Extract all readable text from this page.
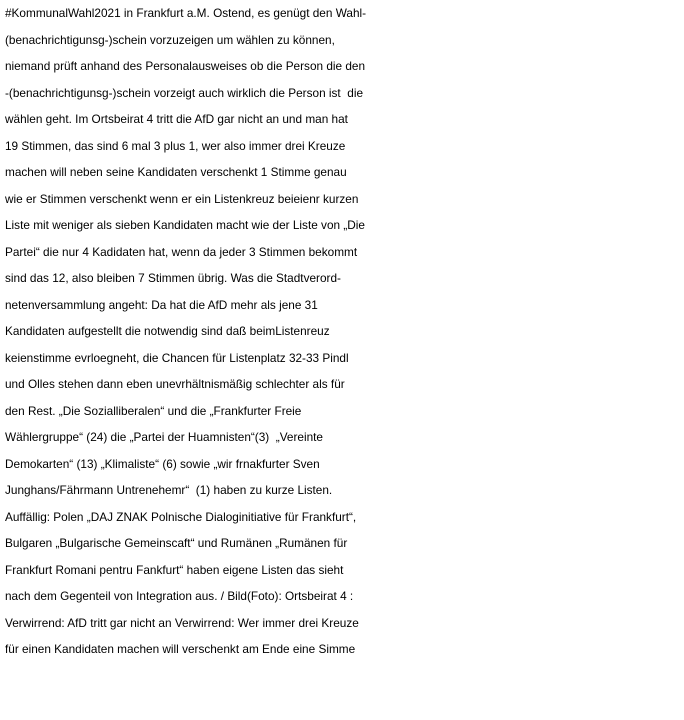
#KommunalWahl2021 in Frankfurt a.M. Ostend, es genügt den Wahl-
(benachrichtigunsg-)schein vorzuzeigen um wählen zu können,
niemand prüft anhand des Personalausweises ob die Person die den
-(benachrichtigunsg-)schein vorzeigt auch wirklich die Person ist  die
wählen geht. Im Ortsbeirat 4 tritt die AfD gar nicht an und man hat
19 Stimmen, das sind 6 mal 3 plus 1, wer also immer drei Kreuze
machen will neben seine Kandidaten verschenkt 1 Stimme genau
wie er Stimmen verschenkt wenn er ein Listenkreuz beieienr kurzen
Liste mit weniger als sieben Kandidaten macht wie der Liste von „Die
Partei“ die nur 4 Kadidaten hat, wenn da jeder 3 Stimmen bekommt
sind das 12, also bleiben 7 Stimmen übrig. Was die Stadtverord-
netenversammlung angeht: Da hat die AfD mehr als jene 31
Kandidaten aufgestellt die notwendig sind daß beimListenreuz
keienstimme evrloegneht, die Chancen für Listenplatz 32-33 Pindl
und Olles stehen dann eben unevrhältnismäßig schlechter als für
den Rest. „Die Sozialliberalen“ und die „Frankfurter Freie
Wählergruppe“ (24) die „Partei der Huamnisten“(3)  „Vereinte
Demokarten“ (13) „Klimaliste“ (6) sowie „wir frnakfurter Sven
Junghans/Fährmann Untrenehemr“  (1) haben zu kurze Listen.
Auffällig: Polen „DAJ ZNAK Polnische Dialoginitiative für Frankfurt“,
Bulgaren „Bulgarische Gemeinscaft“ und Rumänen „Rumänen für
Frankfurt Romani pentru Fankfurt“ haben eigene Listen das sieht
nach dem Gegenteil von Integration aus. / Bild(Foto): Ortsbeirat 4 :
Verwirrend: AfD tritt gar nicht an Verwirrend: Wer immer drei Kreuze
für einen Kandidaten machen will verschenkt am Ende eine Simme
